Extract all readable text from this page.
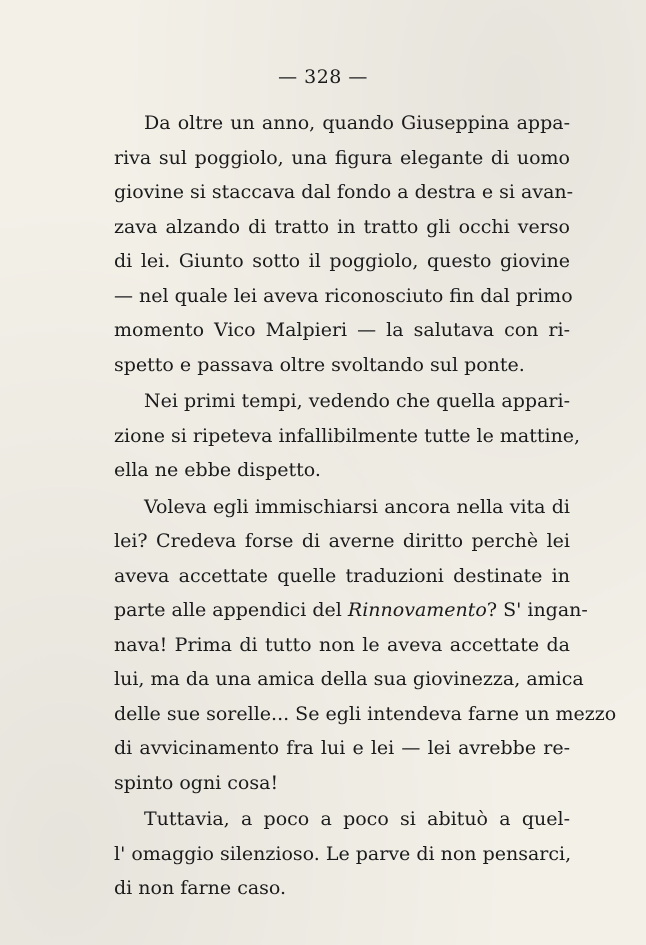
— 328 —
Da oltre un anno, quando Giuseppina appa-
riva sul poggiolo, una figura elegante di uomo
giovine si staccava dal fondo a destra e si avan-
zava alzando di tratto in tratto gli occhi verso
di lei. Giunto sotto il poggiolo, questo giovine
— nel quale lei aveva riconosciuto fin dal primo
momento Vico Malpieri — la salutava con ri-
spetto e passava oltre svoltando sul ponte.
Nei primi tempi, vedendo che quella appari-
zione si ripeteva infallibilmente tutte le mattine,
ella ne ebbe dispetto.
Voleva egli immischiarsi ancora nella vita di
lei? Credeva forse di averne diritto perchè lei
aveva accettate quelle traduzioni destinate in
parte alle appendici del Rinnovamento? S' ingan-
nava! Prima di tutto non le aveva accettate da
lui, ma da una amica della sua giovinezza, amica
delle sue sorelle... Se egli intendeva farne un mezzo
di avvicinamento fra lui e lei — lei avrebbe re-
spinto ogni cosa!
Tuttavia, a poco a poco si abituò a quel-
l' omaggio silenzioso. Le parve di non pensarci,
di non farne caso.
